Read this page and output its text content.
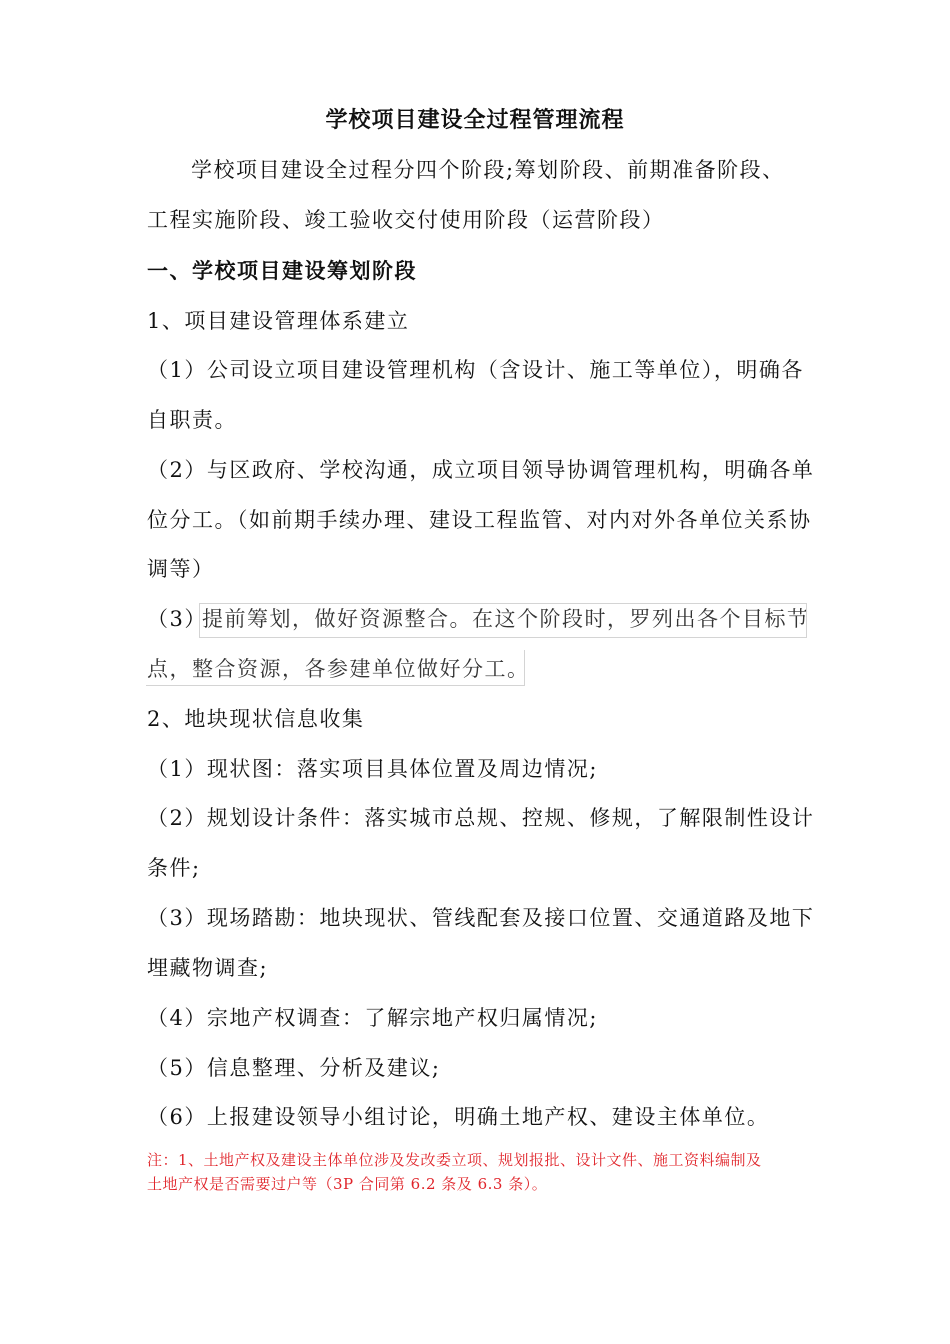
学校项目建设全过程管理流程
学校项目建设全过程分四个阶段;筹划阶段、前期准备阶段、
工程实施阶段、竣工验收交付使用阶段（运营阶段）
一、学校项目建设筹划阶段
1、项目建设管理体系建立
（1）公司设立项目建设管理机构（含设计、施工等单位），明确各
自职责。
（2）与区政府、学校沟通，成立项目领导协调管理机构，明确各单
位分工。（如前期手续办理、建设工程监管、对内对外各单位关系协
调等）
（3）
提前筹划，做好资源整合。在这个阶段时，罗列出各个目标节
点，整合资源，各参建单位做好分工。
2、地块现状信息收集
（1）现状图：落实项目具体位置及周边情况;
（2）规划设计条件：落实城市总规、控规、修规，了解限制性设计
条件;
（3）现场踏勘：地块现状、管线配套及接口位置、交通道路及地下
埋藏物调查;
（4）宗地产权调查：了解宗地产权归属情况;
（5）信息整理、分析及建议;
（6）上报建设领导小组讨论，明确土地产权、建设主体单位。
注：1、土地产权及建设主体单位涉及发改委立项、规划报批、设计文件、施工资料编制及
土地产权是否需要过户等（3P 合同第 6.2 条及 6.3 条）。
